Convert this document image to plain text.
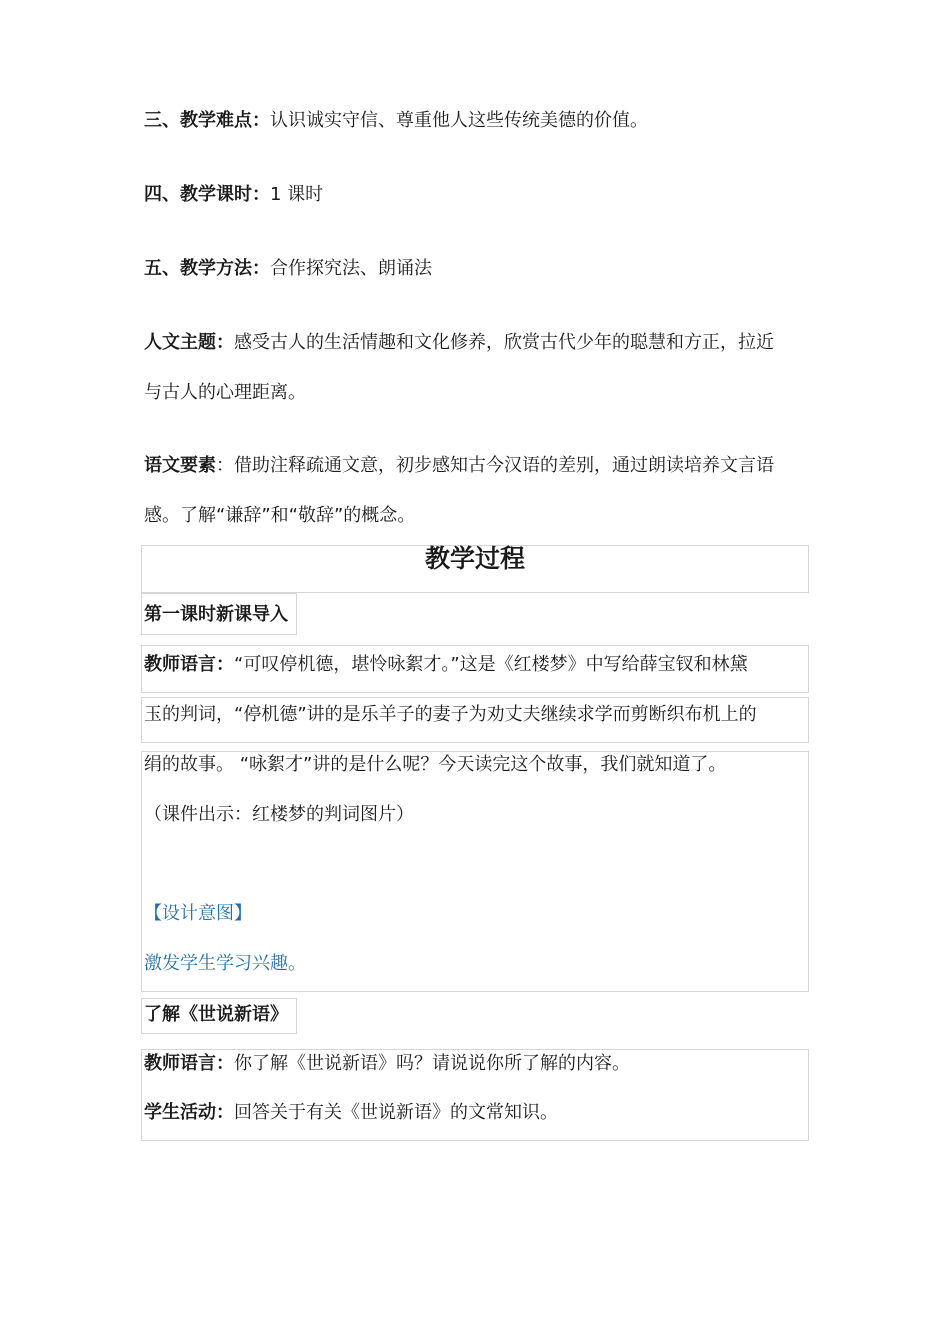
三、教学难点：认识诚实守信、尊重他人这些传统美德的价值。
四、教学课时：1 课时
五、教学方法：合作探究法、朗诵法
人文主题：感受古人的生活情趣和文化修养，欣赏古代少年的聪慧和方正，拉近
与古人的心理距离。
语文要素：借助注释疏通文意，初步感知古今汉语的差别，通过朗读培养文言语
感。了解“谦辞”和“敬辞”的概念。
教学过程
第一课时新课导入
教师语言：“可叹停机德，堪怜咏絮才。”这是《红楼梦》中写给薛宝钗和林黛
玉的判词，“停机德”讲的是乐羊子的妻子为劝丈夫继续求学而剪断织布机上的
绢的故事。 “咏絮才”讲的是什么呢？今天读完这个故事，我们就知道了。
（课件出示：红楼梦的判词图片）
【设计意图】
激发学生学习兴趣。
了解《世说新语》
教师语言：你了解《世说新语》吗？请说说你所了解的内容。
学生活动：回答关于有关《世说新语》的文常知识。
